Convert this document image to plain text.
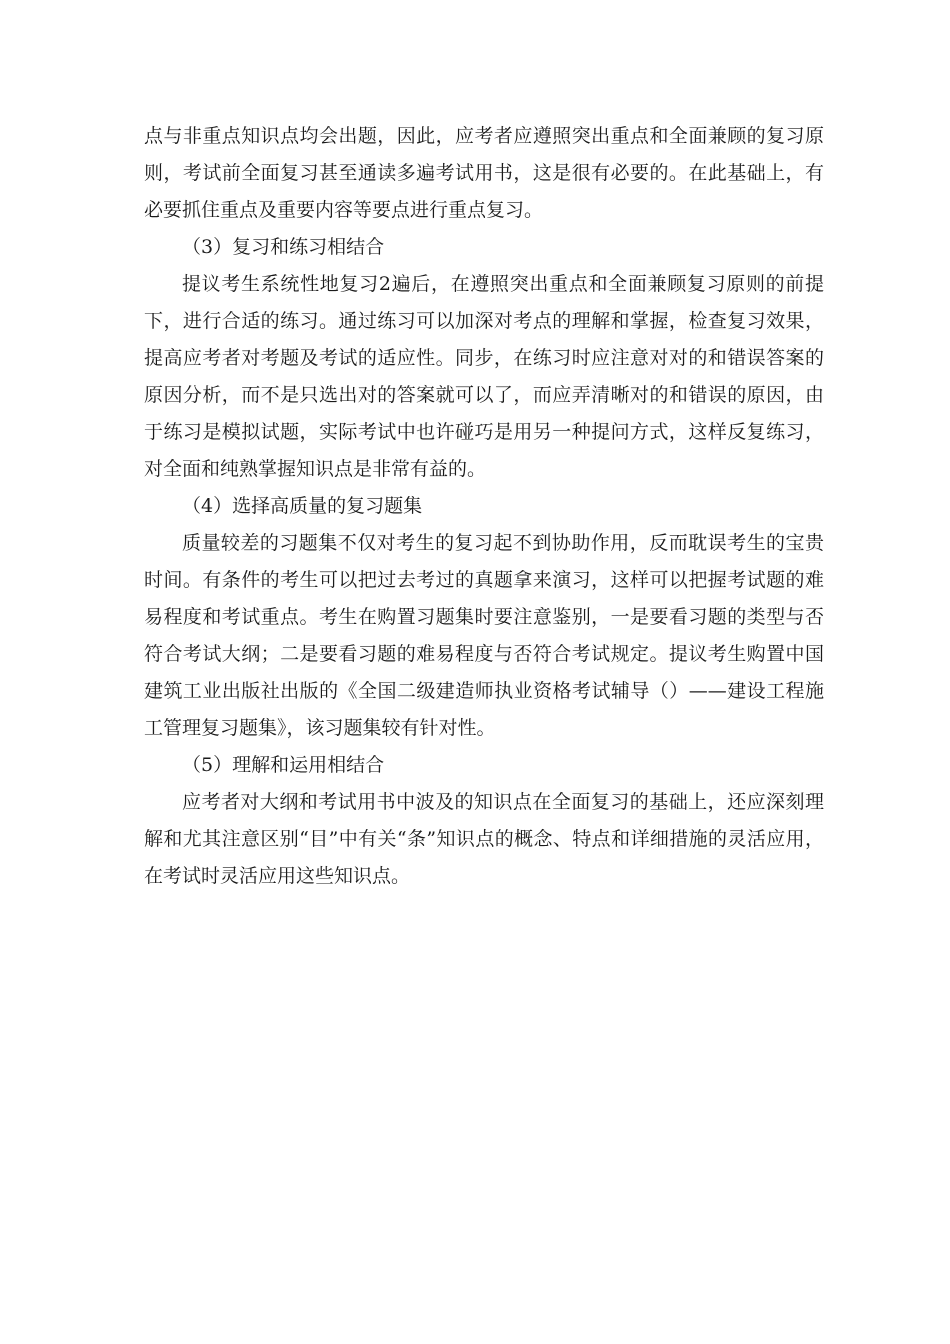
点与非重点知识点均会出题，因此，应考者应遵照突出重点和全面兼顾的复习原则，考试前全面复习甚至通读多遍考试用书，这是很有必要的。在此基础上，有必要抓住重点及重要内容等要点进行重点复习。

（3）复习和练习相结合

提议考生系统性地复习2遍后，在遵照突出重点和全面兼顾复习原则的前提下，进行合适的练习。通过练习可以加深对考点的理解和掌握，检查复习效果，提高应考者对考题及考试的适应性。同步，在练习时应注意对对的和错误答案的原因分析，而不是只选出对的答案就可以了，而应弄清晰对的和错误的原因，由于练习是模拟试题，实际考试中也许碰巧是用另一种提问方式，这样反复练习，对全面和纯熟掌握知识点是非常有益的。

（4）选择高质量的复习题集

质量较差的习题集不仅对考生的复习起不到协助作用，反而耽误考生的宝贵时间。有条件的考生可以把过去考过的真题拿来演习，这样可以把握考试题的难易程度和考试重点。考生在购置习题集时要注意鉴别，一是要看习题的类型与否符合考试大纲；二是要看习题的难易程度与否符合考试规定。提议考生购置中国建筑工业出版社出版的《全国二级建造师执业资格考试辅导（）——建设工程施工管理复习题集》，该习题集较有针对性。

（5）理解和运用相结合

应考者对大纲和考试用书中波及的知识点在全面复习的基础上，还应深刻理解和尤其注意区别“目”中有关“条”知识点的概念、特点和详细措施的灵活应用，在考试时灵活应用这些知识点。
